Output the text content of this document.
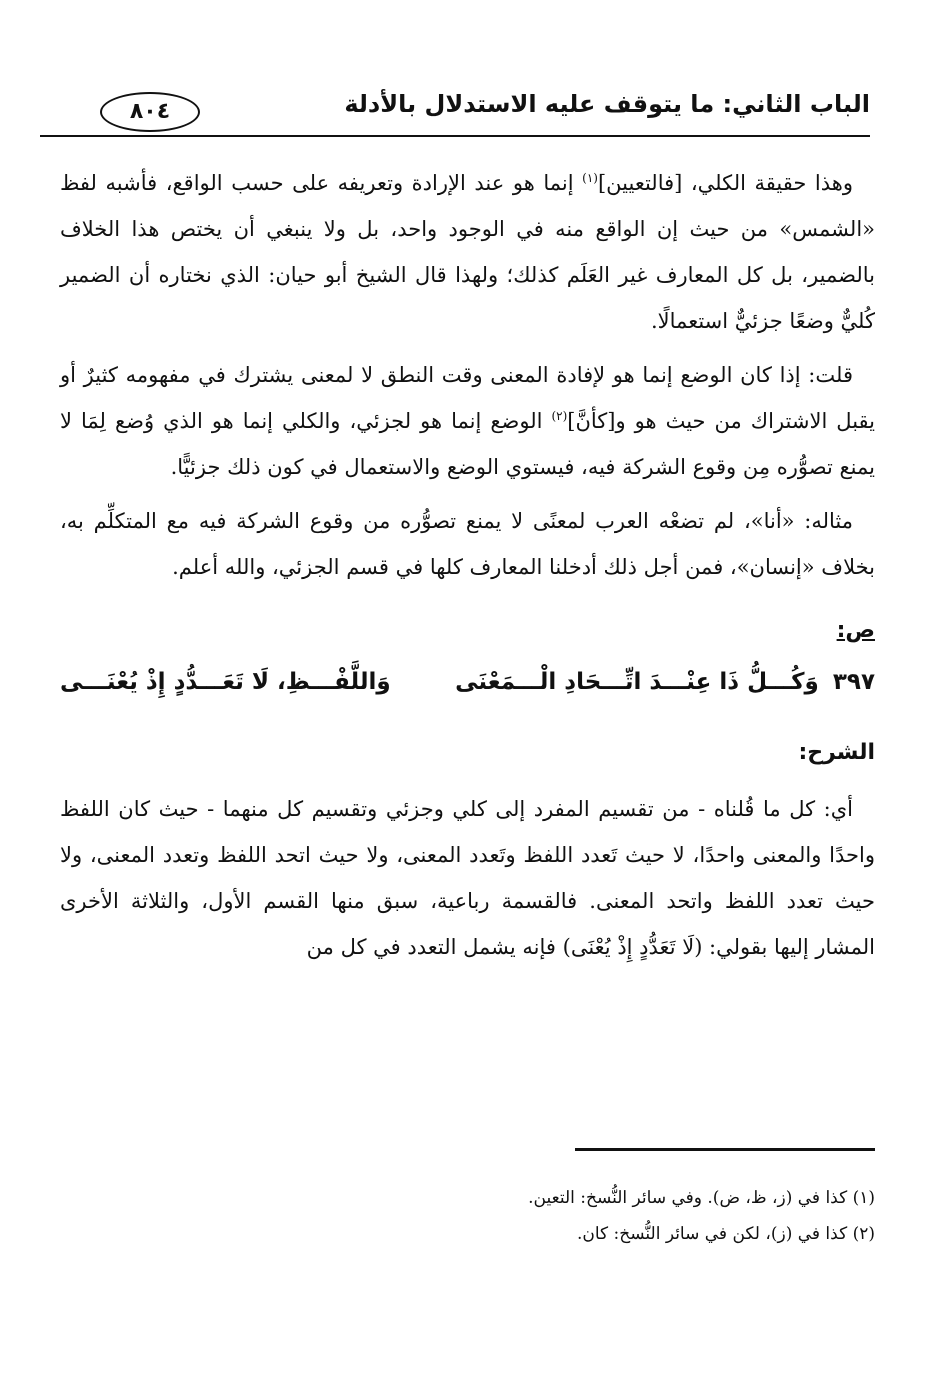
الباب الثاني: ما يتوقف عليه الاستدلال بالأدلة
٨٠٤

وهذا حقيقة الكلي، [فالتعيين]$^{(١)}$ إنما هو عند الإرادة وتعريفه على حسب الواقع، فأشبه لفظ «الشمس» من حيث إن الواقع منه في الوجود واحد، بل ولا ينبغي أن يختص هذا الخلاف بالضمير، بل كل المعارف غير العَلَم كذلك؛ ولهذا قال الشيخ أبو حيان: الذي نختاره أن الضمير كُليٌّ وضعًا جزئيٌّ استعمالًا.

قلت: إذا كان الوضع إنما هو لإفادة المعنى وقت النطق لا لمعنى يشترك في مفهومه كثيرٌ أو يقبل الاشتراك من حيث هو و[كأنَّ]$^{(٢)}$ الوضع إنما هو لجزئي، والكلي إنما هو الذي وُضع لِمَا لا يمنع تصوُّره مِن وقوع الشركة فيه، فيستوي الوضع والاستعمال في كون ذلك جزئيًّا.

مثاله: «أنا»، لم تضعْه العرب لمعنًى لا يمنع تصوُّره من وقوع الشركة فيه مع المتكلِّم به، بخلاف «إنسان»، فمن أجل ذلك أدخلنا المعارف كلها في قسم الجزئي، والله أعلم.

ص:
٣٩٧ وَكُـــلُّ ذَا عِنْـــدَ اتِّـــحَادِ الْـــمَعْنَى
وَاللَّفْـــظِ، لَا تَعَـــدُّدٍ إِذْ يُعْنَـــى
الشرح:

أي: كل ما قُلناه - من تقسيم المفرد إلى كلي وجزئي وتقسيم كل منهما - حيث كان اللفظ واحدًا والمعنى واحدًا، لا حيث تَعدد اللفظ وتَعدد المعنى، ولا حيث اتحد اللفظ وتعدد المعنى، ولا حيث تعدد اللفظ واتحد المعنى. فالقسمة رباعية، سبق منها القسم الأول، والثلاثة الأخرى المشار إليها بقولي: (لَا تَعَدُّدٍ إِذْ يُعْنَى) فإنه يشمل التعدد في كل من

(١) كذا في (ز، ظ، ض). وفي سائر النُّسخ: التعين.

(٢) كذا في (ز)، لكن في سائر النُّسخ: كان.
